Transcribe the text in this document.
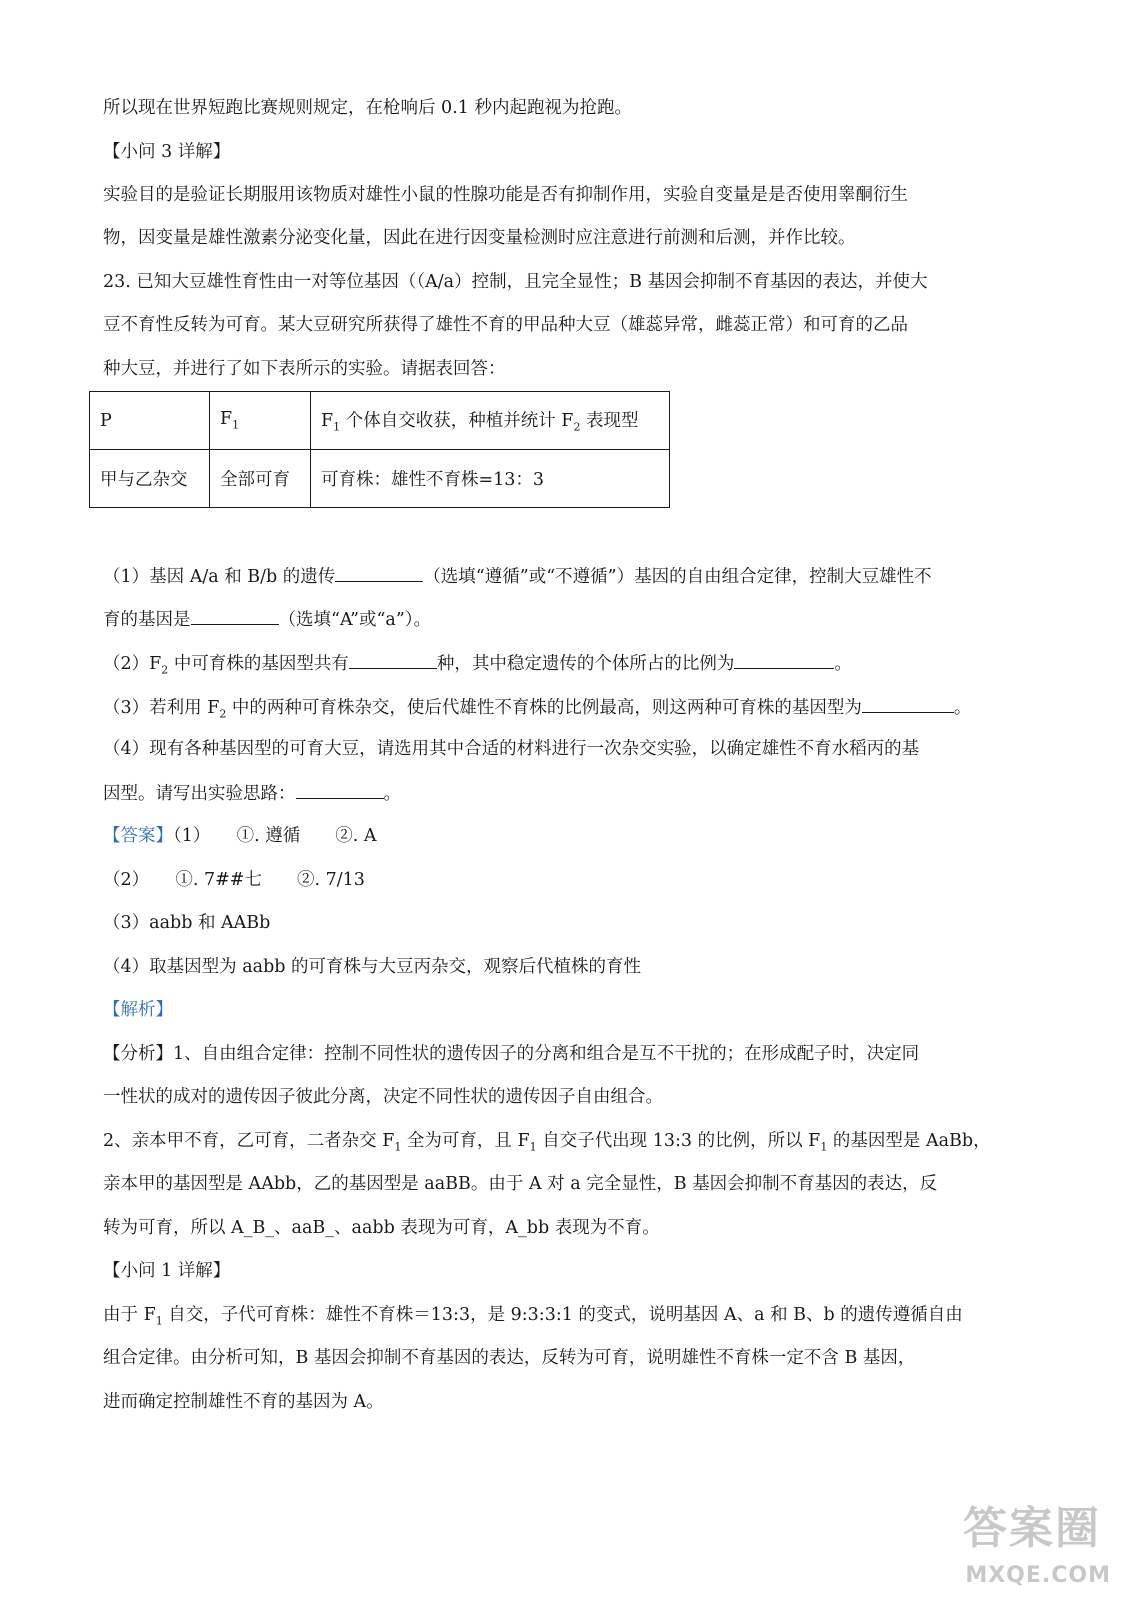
所以现在世界短跑比赛规则规定，在枪响后 0.1 秒内起跑视为抢跑。
【小问 3 详解】
实验目的是验证长期服用该物质对雄性小鼠的性腺功能是否有抑制作用，实验自变量是是否使用睾酮衍生
物，因变量是雄性激素分泌变化量，因此在进行因变量检测时应注意进行前测和后测，并作比较。
23. 已知大豆雄性育性由一对等位基因（（A/a）控制，且完全显性；B 基因会抑制不育基因的表达，并使大
豆不育性反转为可育。某大豆研究所获得了雄性不育的甲品种大豆（雄蕊异常，雌蕊正常）和可育的乙品
种大豆，并进行了如下表所示的实验。请据表回答：
P	$F_1$	$F_1$ 个体自交收获，种植并统计 $F_2$ 表现型
甲与乙杂交	全部可育	可育株：雄性不育株=13：3
（1）基因 A/a 和 B/b 的遗传	（选填“遵循”或“不遵循”）基因的自由组合定律，控制大豆雄性不
育的基因是	（选填“A”或“a”）。
$(2)F_2$ 中可育株的基因型共有	种，其中稳定遗传的个体所占的比例为	。
（3）若利用 $F_2$ 中的两种可育株杂交，使后代雄性不育株的比例最高，则这两种可育株的基因型为	。
（4）现有各种基因型的可育大豆，请选用其中合适的材料进行一次杂交实验，以确定雄性不育水稻丙的基
因型。请写出实验思路：	。
【答案】（1）　　①. 遵循　　②. A
（2）　　①. 7##七　　②. 7/13
（3）aabb 和 AABb
（4）取基因型为 aabb 的可育株与大豆丙杂交，观察后代植株的育性
【解析】
【分析】1、自由组合定律：控制不同性状的遗传因子的分离和组合是互不干扰的；在形成配子时，决定同
一性状的成对的遗传因子彼此分离，决定不同性状的遗传因子自由组合。
2、亲本甲不育，乙可育，二者杂交 $F_1$ 全为可育，且 $F_1$ 自交子代出现 13:3 的比例，所以 $F_1$ 的基因型是 AaBb，
亲本甲的基因型是 AAbb，乙的基因型是 aaBB。由于 A 对 a 完全显性，B 基因会抑制不育基因的表达，反
转为可育，所以 A_B_、aaB_、aabb 表现为可育，A_bb 表现为不育。
【小问 1 详解】
由于 $F_1$ 自交，子代可育株：雄性不育株＝13:3，是 9:3:3:1 的变式，说明基因 A、a 和 B、b 的遗传遵循自由
组合定律。由分析可知，B 基因会抑制不育基因的表达，反转为可育，说明雄性不育株一定不含 B 基因，
进而确定控制雄性不育的基因为 A。
答案圈
MXQE.COM
